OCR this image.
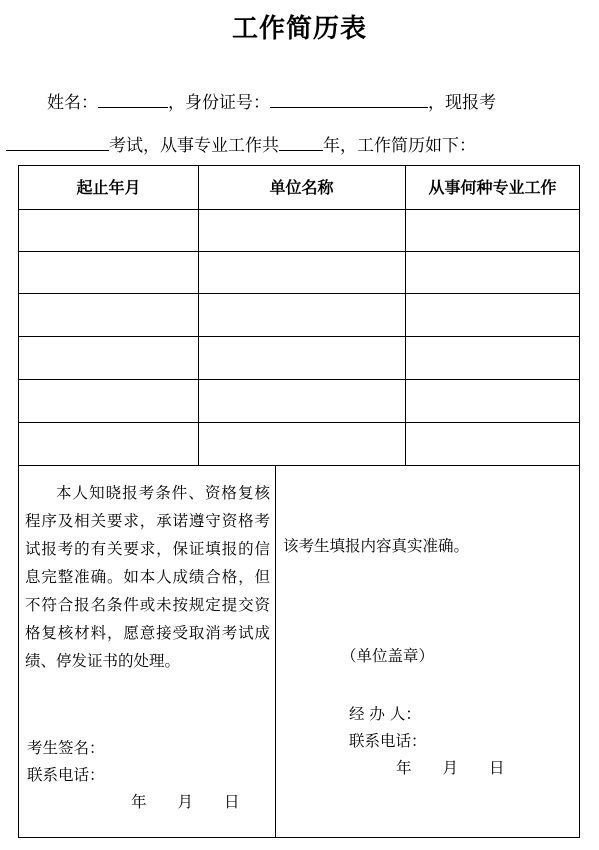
工作简历表
姓名：	，身份证号：	，现报考
考试，从事专业工作共	年，工作简历如下：
起止年月	单位名称	从事何种专业工作

本人知晓报考条件、资格复核程序及相关要求，承诺遵守资格考试报考的有关要求，保证填报的信息完整准确。如本人成绩合格，但不符合报名条件或未按规定提交资格复核材料，愿意接受取消考试成绩、停发证书的处理。

考生签名：
联系电话：
年　　月　　日
该考生填报内容真实准确。
（单位盖章）
经 办 人：
联系电话：
年　　月　　日
